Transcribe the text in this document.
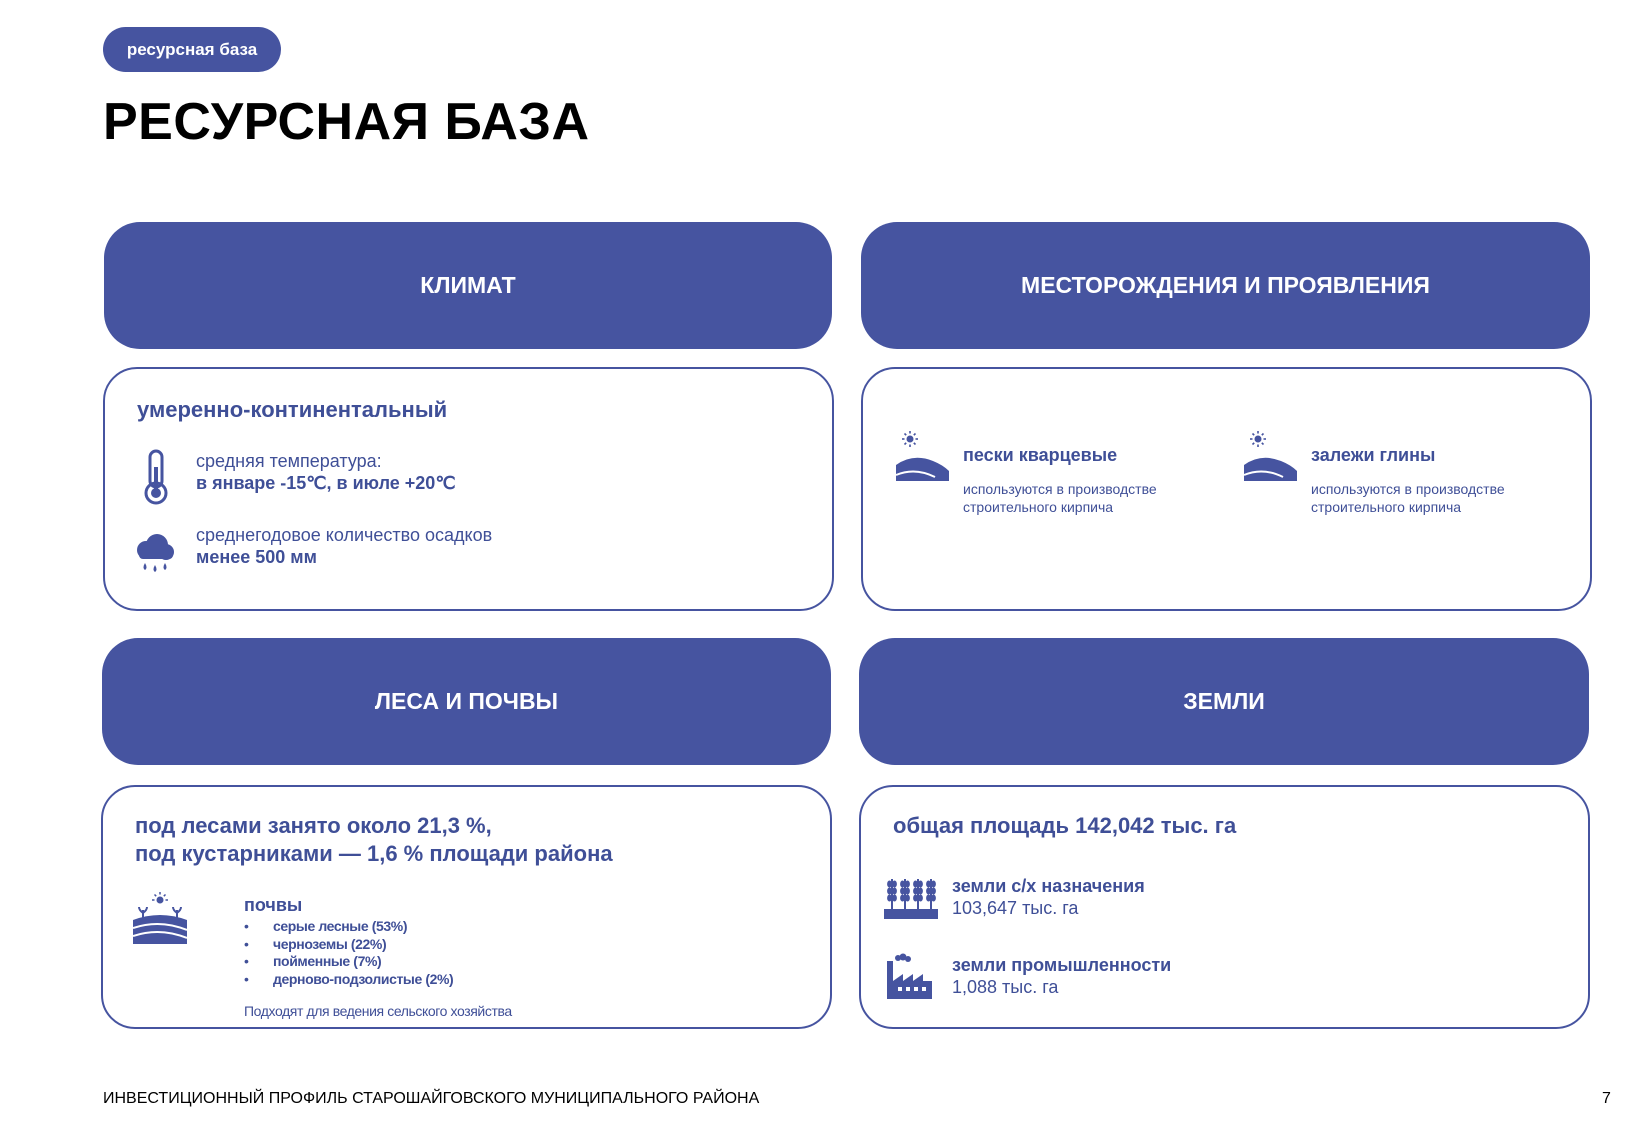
ресурсная база
РЕСУРСНАЯ БАЗА
КЛИМАТ	МЕСТОРОЖДЕНИЯ И ПРОЯВЛЕНИЯ
ЛЕСА И ПОЧВЫ	ЗЕМЛИ
умеренно-континентальный
средняя температура:
в январе -15℃, в июле +20℃
среднегодовое количество осадков
менее 500 мм
пески кварцевые
используются в производстве строительного кирпича
залежи глины
используются в производстве строительного кирпича
под лесами занято около 21,3 %,
под кустарниками — 1,6 % площади района
почвы
• серые лесные (53%)
• черноземы (22%)
• пойменные (7%)
• дерново-подзолистые (2%)
Подходят для ведения сельского хозяйства
общая площадь 142,042 тыс. га
земли с/х назначения
103,647 тыс. га
земли промышленности
1,088 тыс. га
ИНВЕСТИЦИОННЫЙ ПРОФИЛЬ СТАРОШАЙГОВСКОГО МУНИЦИПАЛЬНОГО РАЙОНА	7
